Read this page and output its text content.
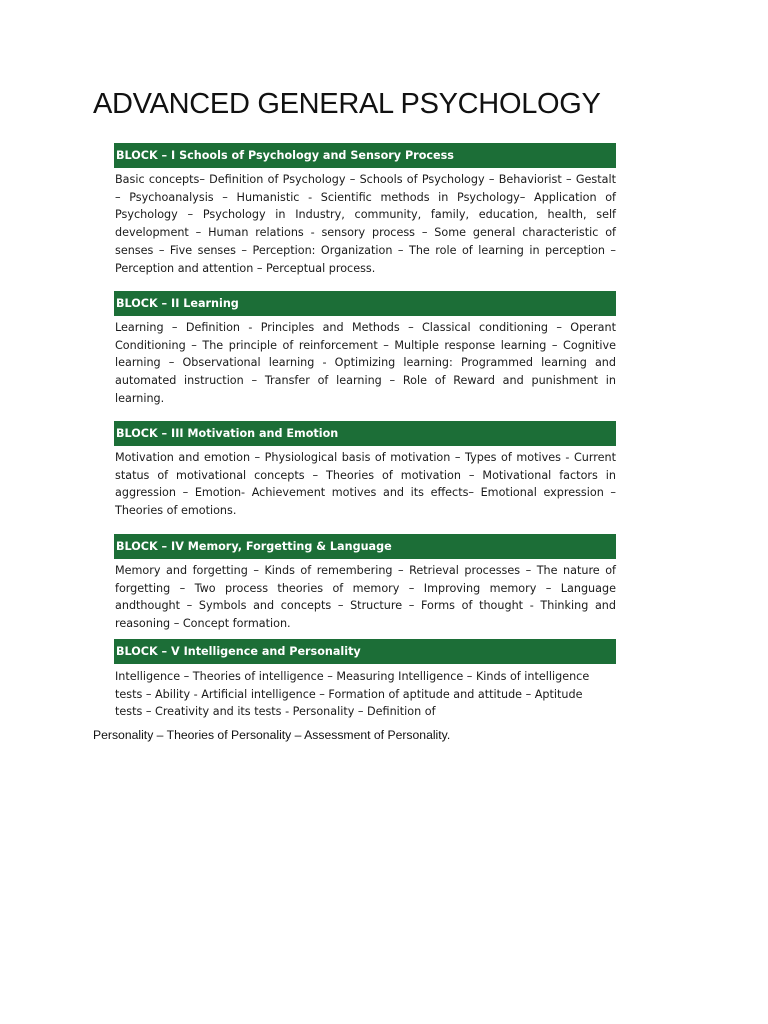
ADVANCED GENERAL PSYCHOLOGY
BLOCK – I Schools of Psychology and Sensory Process

Basic concepts– Definition of Psychology – Schools of Psychology – Behaviorist – Gestalt – Psychoanalysis – Humanistic - Scientific methods in Psychology– Application of Psychology – Psychology in Industry, community, family, education, health, self development – Human relations - sensory process – Some general characteristic of senses – Five senses – Perception: Organization – The role of learning in perception – Perception and attention – Perceptual process.

BLOCK – II Learning

Learning – Definition - Principles and Methods – Classical conditioning – Operant Conditioning – The principle of reinforcement – Multiple response learning – Cognitive learning – Observational learning - Optimizing learning: Programmed learning and automated instruction – Transfer of learning – Role of Reward and punishment in learning.

BLOCK – III Motivation and Emotion

Motivation and emotion – Physiological basis of motivation – Types of motives - Current status of motivational concepts – Theories of motivation – Motivational factors in aggression – Emotion- Achievement motives and its effects– Emotional expression – Theories of emotions.

BLOCK – IV Memory, Forgetting & Language

Memory and forgetting – Kinds of remembering – Retrieval processes – The nature of forgetting – Two process theories of memory – Improving memory – Language andthought – Symbols and concepts – Structure – Forms of thought - Thinking and reasoning – Concept formation.

BLOCK – V Intelligence and Personality

Intelligence – Theories of intelligence – Measuring Intelligence – Kinds of intelligence tests – Ability - Artificial intelligence – Formation of aptitude and attitude – Aptitude tests – Creativity and its tests - Personality – Definition of

Personality – Theories of Personality – Assessment of Personality.
